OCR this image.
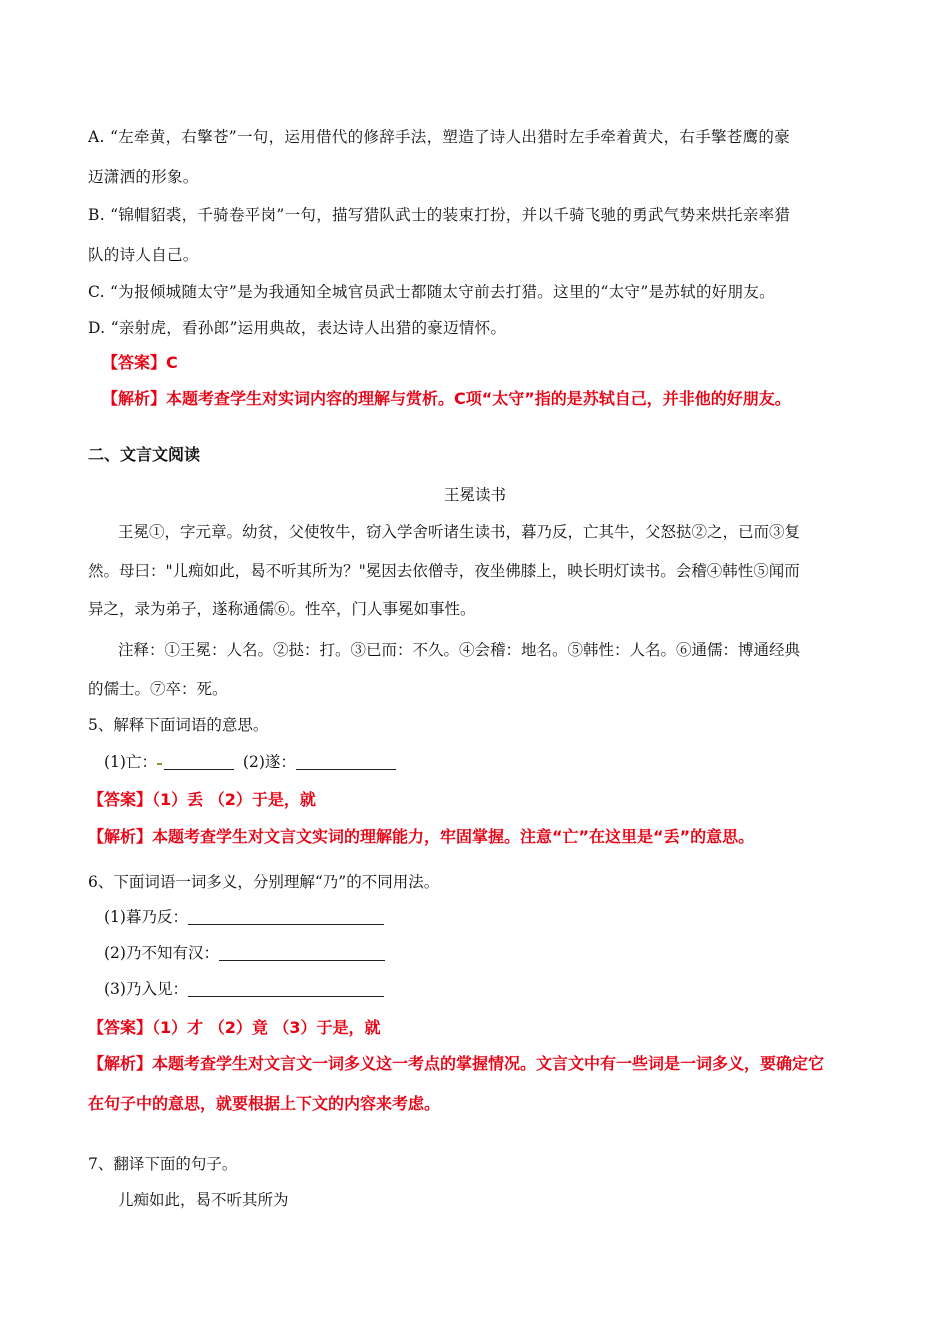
A. “左牵黄，右擎苍”一句，运用借代的修辞手法，塑造了诗人出猎时左手牵着黄犬，右手擎苍鹰的豪
迈潇洒的形象。
B. “锦帽貂裘，千骑卷平岗”一句，描写猎队武士的装束打扮，并以千骑飞驰的勇武气势来烘托亲率猎
队的诗人自己。
C. “为报倾城随太守”是为我通知全城官员武士都随太守前去打猎。这里的“太守”是苏轼的好朋友。
D. “亲射虎，看孙郎”运用典故，表达诗人出猎的豪迈情怀。
【答案】C
【解析】本题考查学生对实词内容的理解与赏析。C项“太守”指的是苏轼自己，并非他的好朋友。
二、文言文阅读
王冕读书
王冕①，字元章。幼贫，父使牧牛，窃入学舍听诸生读书，暮乃反，亡其牛，父怒挞②之，已而③复
然。母曰："儿痴如此，曷不听其所为？"冕因去依僧寺，夜坐佛膝上，映长明灯读书。会稽④韩性⑤闻而
异之，录为弟子，遂称通儒⑥。性卒，门人事冕如事性。
注释：①王冕：人名。②挞：打。③已而：不久。④会稽：地名。⑤韩性：人名。⑥通儒：博通经典
的儒士。⑦卒：死。
5、解释下面词语的意思。
(1)亡：	(2)遂：
【答案】（1）丢 （2）于是，就
【解析】本题考查学生对文言文实词的理解能力，牢固掌握。注意“亡”在这里是“丢”的意思。
6、下面词语一词多义，分别理解“乃”的不同用法。
(1)暮乃反：
(2)乃不知有汉：
(3)乃入见：
【答案】（1）才 （2）竟 （3）于是，就
【解析】本题考查学生对文言文一词多义这一考点的掌握情况。文言文中有一些词是一词多义，要确定它
在句子中的意思，就要根据上下文的内容来考虑。
7、翻译下面的句子。
儿痴如此，曷不听其所为
